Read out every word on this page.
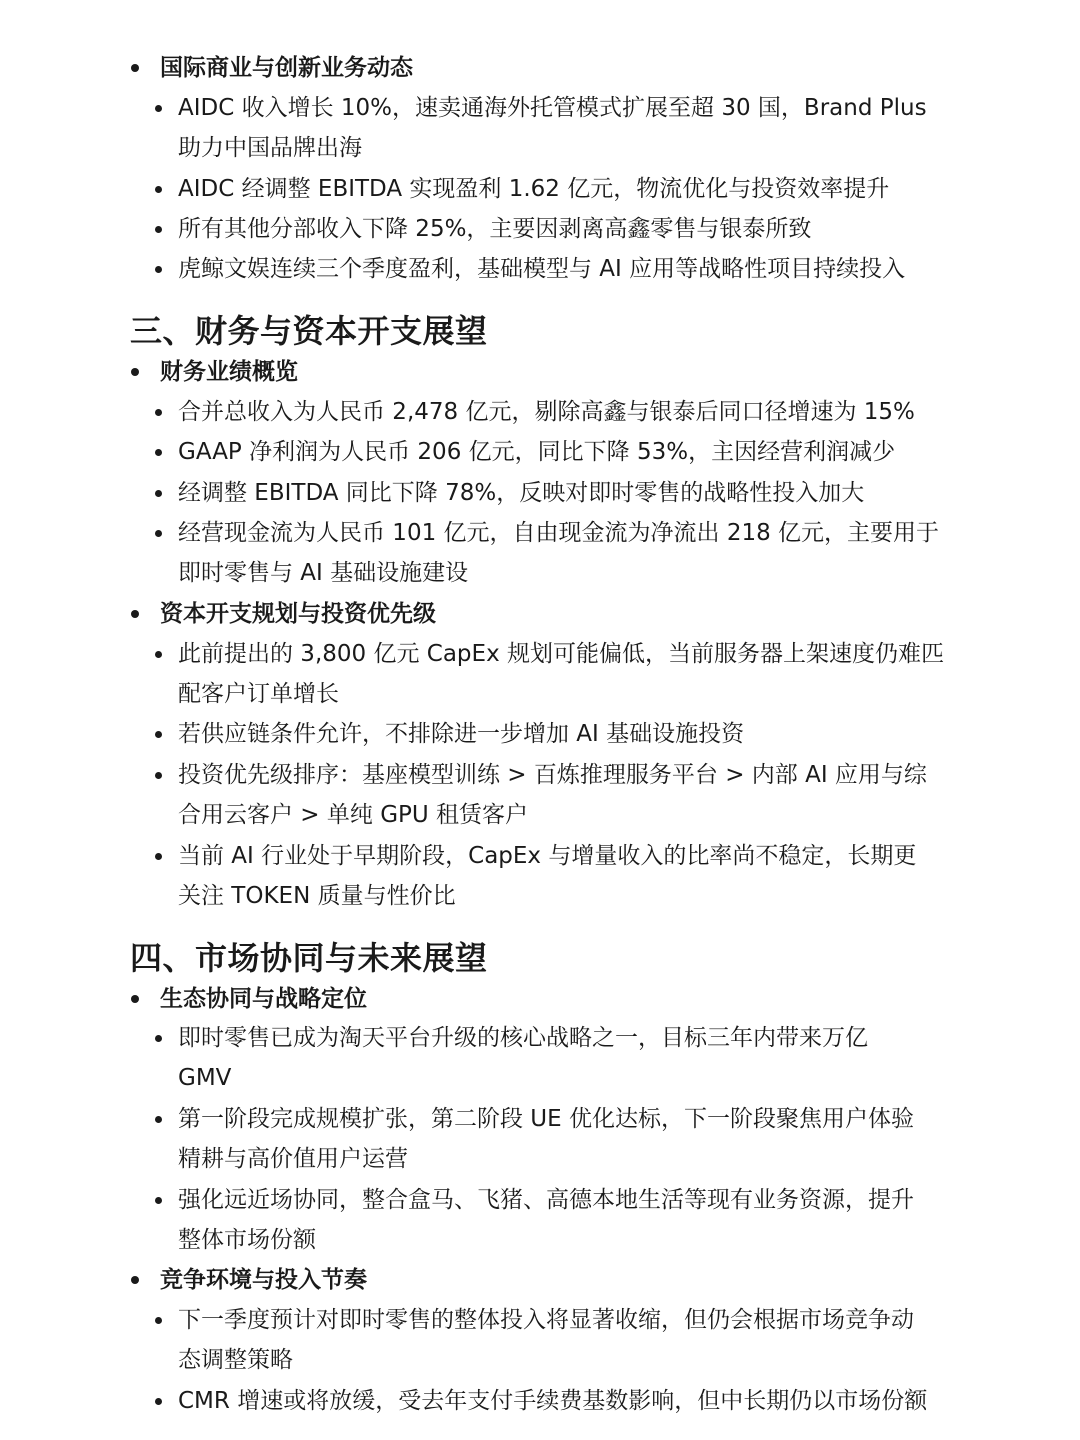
国际商业与创新业务动态
AIDC 收入增长 10%，速卖通海外托管模式扩展至超 30 国，Brand Plus
助力中国品牌出海
AIDC 经调整 EBITDA 实现盈利 1.62 亿元，物流优化与投资效率提升
所有其他分部收入下降 25%，主要因剥离高鑫零售与银泰所致
虎鲸文娱连续三个季度盈利，基础模型与 AI 应用等战略性项目持续投入
三、财务与资本开支展望
财务业绩概览
合并总收入为人民币 2,478 亿元，剔除高鑫与银泰后同口径增速为 15%
GAAP 净利润为人民币 206 亿元，同比下降 53%，主因经营利润减少
经调整 EBITDA 同比下降 78%，反映对即时零售的战略性投入加大
经营现金流为人民币 101 亿元，自由现金流为净流出 218 亿元，主要用于
即时零售与 AI 基础设施建设
资本开支规划与投资优先级
此前提出的 3,800 亿元 CapEx 规划可能偏低，当前服务器上架速度仍难匹
配客户订单增长
若供应链条件允许，不排除进一步增加 AI 基础设施投资
投资优先级排序：基座模型训练 > 百炼推理服务平台 > 内部 AI 应用与综
合用云客户 > 单纯 GPU 租赁客户
当前 AI 行业处于早期阶段，CapEx 与增量收入的比率尚不稳定，长期更
关注 TOKEN 质量与性价比
四、市场协同与未来展望
生态协同与战略定位
即时零售已成为淘天平台升级的核心战略之一，目标三年内带来万亿
GMV
第一阶段完成规模扩张，第二阶段 UE 优化达标，下一阶段聚焦用户体验
精耕与高价值用户运营
强化远近场协同，整合盒马、飞猪、高德本地生活等现有业务资源，提升
整体市场份额
竞争环境与投入节奏
下一季度预计对即时零售的整体投入将显著收缩，但仍会根据市场竞争动
态调整策略
CMR 增速或将放缓，受去年支付手续费基数影响，但中长期仍以市场份额
